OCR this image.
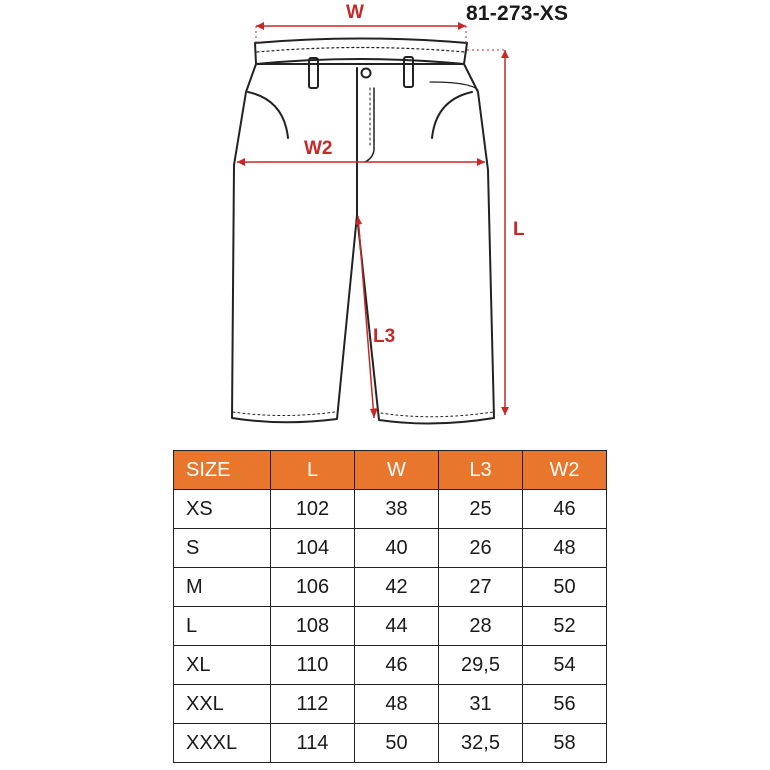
81-273-XS
W
W2
L
L3
SIZE	L	W	L3	W2
XS	102	38	25	46
S	104	40	26	48
M	106	42	27	50
L	108	44	28	52
XL	110	46	29,5	54
XXL	112	48	31	56
XXXL	114	50	32,5	58
